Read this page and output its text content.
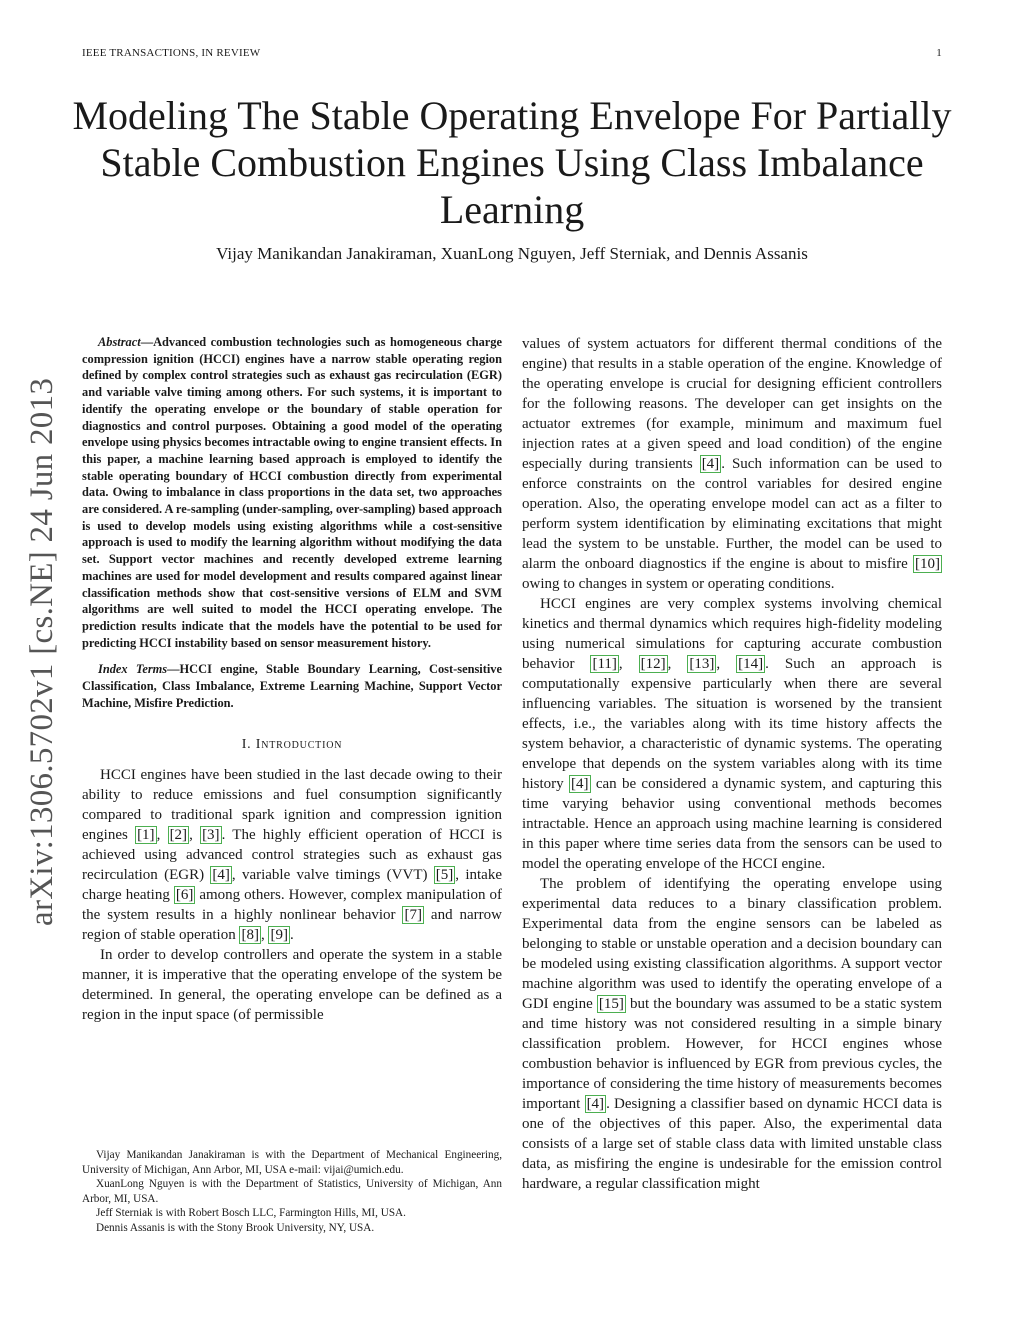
IEEE TRANSACTIONS, IN REVIEW	1
Modeling The Stable Operating Envelope For Partially Stable Combustion Engines Using Class Imbalance Learning
Vijay Manikandan Janakiraman, XuanLong Nguyen, Jeff Sterniak, and Dennis Assanis
arXiv:1306.5702v1 [cs.NE] 24 Jun 2013

Abstract—Advanced combustion technologies such as homogeneous charge compression ignition (HCCI) engines have a narrow stable operating region defined by complex control strategies such as exhaust gas recirculation (EGR) and variable valve timing among others. For such systems, it is important to identify the operating envelope or the boundary of stable operation for diagnostics and control purposes. Obtaining a good model of the operating envelope using physics becomes intractable owing to engine transient effects. In this paper, a machine learning based approach is employed to identify the stable operating boundary of HCCI combustion directly from experimental data. Owing to imbalance in class proportions in the data set, two approaches are considered. A re-sampling (under-sampling, over-sampling) based approach is used to develop models using existing algorithms while a cost-sensitive approach is used to modify the learning algorithm without modifying the data set. Support vector machines and recently developed extreme learning machines are used for model development and results compared against linear classification methods show that cost-sensitive versions of ELM and SVM algorithms are well suited to model the HCCI operating envelope. The prediction results indicate that the models have the potential to be used for predicting HCCI instability based on sensor measurement history.

Index Terms—HCCI engine, Stable Boundary Learning, Cost-sensitive Classification, Class Imbalance, Extreme Learning Machine, Support Vector Machine, Misfire Prediction.

I. Introduction

HCCI engines have been studied in the last decade owing to their ability to reduce emissions and fuel consumption significantly compared to traditional spark ignition and compression ignition engines [1] , [2] , [3] . The highly efficient operation of HCCI is achieved using advanced control strategies such as exhaust gas recirculation (EGR) [4] , variable valve timings (VVT) [5] , intake charge heating [6] among others. However, complex manipulation of the system results in a highly nonlinear behavior [7] and narrow region of stable operation [8] , [9] .

In order to develop controllers and operate the system in a stable manner, it is imperative that the operating envelope of the system be determined. In general, the operating envelope can be defined as a region in the input space (of permissible

Vijay Manikandan Janakiraman is with the Department of Mechanical Engineering, University of Michigan, Ann Arbor, MI, USA e-mail: vijai@umich.edu.

XuanLong Nguyen is with the Department of Statistics, University of Michigan, Ann Arbor, MI, USA.

Jeff Sterniak is with Robert Bosch LLC, Farmington Hills, MI, USA.

Dennis Assanis is with the Stony Brook University, NY, USA.

values of system actuators for different thermal conditions of the engine) that results in a stable operation of the engine. Knowledge of the operating envelope is crucial for designing efficient controllers for the following reasons. The developer can get insights on the actuator extremes (for example, minimum and maximum fuel injection rates at a given speed and load condition) of the engine especially during transients [4] . Such information can be used to enforce constraints on the control variables for desired engine operation. Also, the operating envelope model can act as a filter to perform system identification by eliminating excitations that might lead the system to be unstable. Further, the model can be used to alarm the onboard diagnostics if the engine is about to misfire [10] owing to changes in system or operating conditions.

HCCI engines are very complex systems involving chemical kinetics and thermal dynamics which requires high-fidelity modeling using numerical simulations for capturing accurate combustion behavior [11] , [12] , [13] , [14] . Such an approach is computationally expensive particularly when there are several influencing variables. The situation is worsened by the transient effects, i.e., the variables along with its time history affects the system behavior, a characteristic of dynamic systems. The operating envelope that depends on the system variables along with its time history [4] can be considered a dynamic system, and capturing this time varying behavior using conventional methods becomes intractable. Hence an approach using machine learning is considered in this paper where time series data from the sensors can be used to model the operating envelope of the HCCI engine.

The problem of identifying the operating envelope using experimental data reduces to a binary classification problem. Experimental data from the engine sensors can be labeled as belonging to stable or unstable operation and a decision boundary can be modeled using existing classification algorithms. A support vector machine algorithm was used to identify the operating envelope of a GDI engine [15] but the boundary was assumed to be a static system and time history was not considered resulting in a simple binary classification problem. However, for HCCI engines whose combustion behavior is influenced by EGR from previous cycles, the importance of considering the time history of measurements becomes important [4] . Designing a classifier based on dynamic HCCI data is one of the objectives of this paper. Also, the experimental data consists of a large set of stable class data with limited unstable class data, as misfiring the engine is undesirable for the emission control hardware, a regular classification might
